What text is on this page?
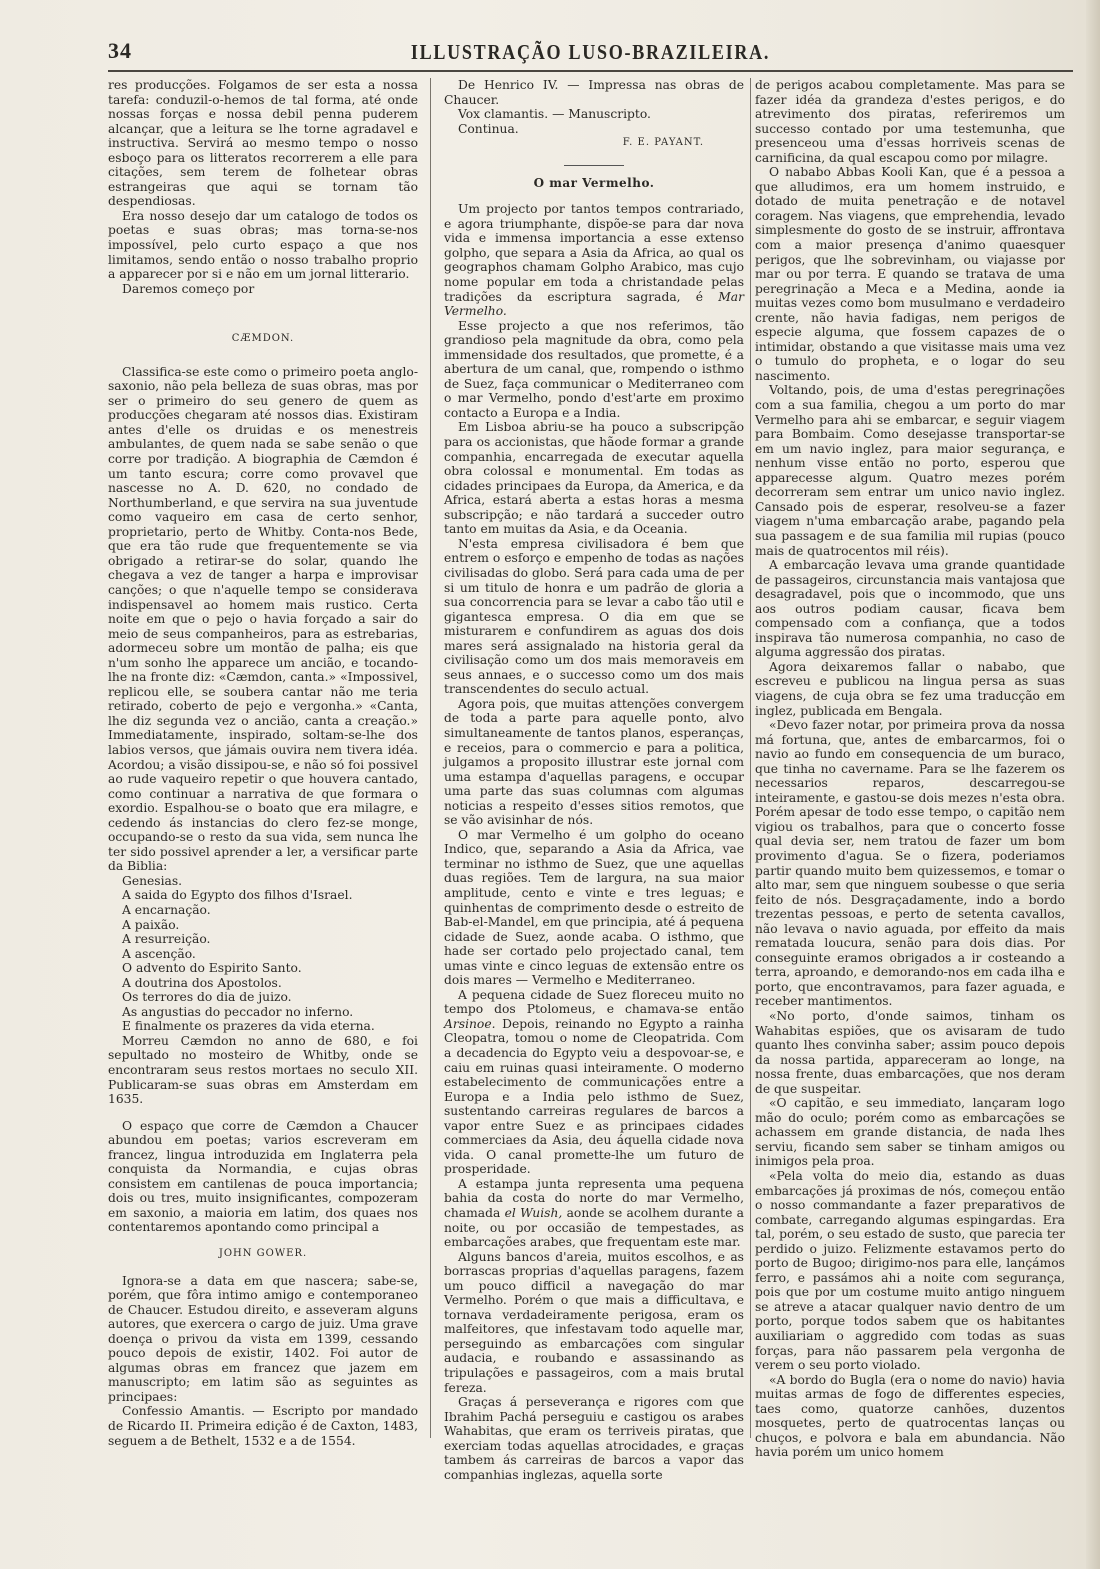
34	ILLUSTRAÇÃO LUSO-BRAZILEIRA.

res producções. Folgamos de ser esta a nossa tarefa: conduzil-o-hemos de tal forma, até onde nossas forças e nossa debil penna puderem alcançar, que a leitura se lhe torne agradavel e instructiva. Servirá ao mesmo tempo o nosso esboço para os litteratos recorrerem a elle para citações, sem terem de folhetear obras estrangeiras que aqui se tornam tão despendiosas.

Era nosso desejo dar um catalogo de todos os poetas e suas obras; mas torna-se-nos impossível, pelo curto espaço a que nos limitamos, sendo então o nosso trabalho proprio a apparecer por si e não em um jornal litterario.

Daremos começo por

CÆMDON.

Classifica-se este como o primeiro poeta anglo-saxonio, não pela belleza de suas obras, mas por ser o primeiro do seu genero de quem as producções chegaram até nossos dias. Existiram antes d'elle os druidas e os menestreis ambulantes, de quem nada se sabe senão o que corre por tradição. A biographia de Cæmdon é um tanto escura; corre como provavel que nascesse no A. D. 620, no condado de Northumberland, e que servira na sua juventude como vaqueiro em casa de certo senhor, proprietario, perto de Whitby. Conta-nos Bede, que era tão rude que frequentemente se via obrigado a retirar-se do solar, quando lhe chegava a vez de tanger a harpa e improvisar canções; o que n'aquelle tempo se considerava indispensavel ao homem mais rustico. Certa noite em que o pejo o havia forçado a sair do meio de seus companheiros, para as estrebarias, adormeceu sobre um montão de palha; eis que n'um sonho lhe apparece um ancião, e tocando-lhe na fronte diz: «Cæmdon, canta.» «Impossivel, replicou elle, se soubera cantar não me teria retirado, coberto de pejo e vergonha.» «Canta, lhe diz segunda vez o ancião, canta a creação.» Immediatamente, inspirado, soltam-se-lhe dos labios versos, que jámais ouvira nem tivera idéa. Acordou; a visão dissipou-se, e não só foi possivel ao rude vaqueiro repetir o que houvera cantado, como continuar a narrativa de que formara o exordio. Espalhou-se o boato que era milagre, e cedendo ás instancias do clero fez-se monge, occupando-se o resto da sua vida, sem nunca lhe ter sido possivel aprender a ler, a versificar parte da Biblia:

Genesias.
A saida do Egypto dos filhos d'Israel.
A encarnação.
A paixão.
A resurreição.
A ascenção.
O advento do Espirito Santo.
A doutrina dos Apostolos.
Os terrores do dia de juizo.
As angustias do peccador no inferno.
E finalmente os prazeres da vida eterna.

Morreu Cæmdon no anno de 680, e foi sepultado no mosteiro de Whitby, onde se encontraram seus restos mortaes no seculo XII. Publicaram-se suas obras em Amsterdam em 1635.

O espaço que corre de Cæmdon a Chaucer abundou em poetas; varios escreveram em francez, lingua introduzida em Inglaterra pela conquista da Normandia, e cujas obras consistem em cantilenas de pouca importancia; dois ou tres, muito insignificantes, compozeram em saxonio, a maioria em latim, dos quaes nos contentaremos apontando como principal a

JOHN GOWER.

Ignora-se a data em que nascera; sabe-se, porém, que fôra intimo amigo e contemporaneo de Chaucer. Estudou direito, e asseveram alguns autores, que exercera o cargo de juiz. Uma grave doença o privou da vista em 1399, cessando pouco depois de existir, 1402. Foi autor de algumas obras em francez que jazem em manuscripto; em latim são as seguintes as principaes:

Confessio Amantis. — Escripto por mandado de Ricardo II. Primeira edição é de Caxton, 1483, seguem a de Bethelt, 1532 e a de 1554.

De Henrico IV. — Impressa nas obras de Chaucer.

Vox clamantis. — Manuscripto.

Continua.

F. E. PAYANT.
O mar Vermelho.

Um projecto por tantos tempos contrariado, e agora triumphante, dispõe-se para dar nova vida e immensa importancia a esse extenso golpho, que separa a Asia da Africa, ao qual os geographos chamam Golpho Arabico, mas cujo nome popular em toda a christandade pelas tradições da escriptura sagrada, é Mar Vermelho.

Esse projecto a que nos referimos, tão grandioso pela magnitude da obra, como pela immensidade dos resultados, que promette, é a abertura de um canal, que, rompendo o isthmo de Suez, faça communicar o Mediterraneo com o mar Vermelho, pondo d'est'arte em proximo contacto a Europa e a India.

Em Lisboa abriu-se ha pouco a subscripção para os accionistas, que hãode formar a grande companhia, encarregada de executar aquella obra colossal e monumental. Em todas as cidades principaes da Europa, da America, e da Africa, estará aberta a estas horas a mesma subscripção; e não tardará a succeder outro tanto em muitas da Asia, e da Oceania.

N'esta empresa civilisadora é bem que entrem o esforço e empenho de todas as nações civilisadas do globo. Será para cada uma de per si um titulo de honra e um padrão de gloria a sua concorrencia para se levar a cabo tão util e gigantesca empresa. O dia em que se misturarem e confundirem as aguas dos dois mares será assignalado na historia geral da civilisação como um dos mais memoraveis em seus annaes, e o successo como um dos mais transcendentes do seculo actual.

Agora pois, que muitas attenções convergem de toda a parte para aquelle ponto, alvo simultaneamente de tantos planos, esperanças, e receios, para o commercio e para a politica, julgamos a proposito illustrar este jornal com uma estampa d'aquellas paragens, e occupar uma parte das suas columnas com algumas noticias a respeito d'esses sitios remotos, que se vão avisinhar de nós.

O mar Vermelho é um golpho do oceano Indico, que, separando a Asia da Africa, vae terminar no isthmo de Suez, que une aquellas duas regiões. Tem de largura, na sua maior amplitude, cento e vinte e tres leguas; e quinhentas de comprimento desde o estreito de Bab-el-Mandel, em que principia, até á pequena cidade de Suez, aonde acaba. O isthmo, que hade ser cortado pelo projectado canal, tem umas vinte e cinco leguas de extensão entre os dois mares — Vermelho e Mediterraneo.

A pequena cidade de Suez floreceu muito no tempo dos Ptolomeus, e chamava-se então Arsinoe. Depois, reinando no Egypto a rainha Cleopatra, tomou o nome de Cleopatrida. Com a decadencia do Egypto veiu a despovoar-se, e caiu em ruinas quasi inteiramente. O moderno estabelecimento de communicações entre a Europa e a India pelo isthmo de Suez, sustentando carreiras regulares de barcos a vapor entre Suez e as principaes cidades commerciaes da Asia, deu áquella cidade nova vida. O canal promette-lhe um futuro de prosperidade.

A estampa junta representa uma pequena bahia da costa do norte do mar Vermelho, chamada el Wuish, aonde se acolhem durante a noite, ou por occasião de tempestades, as embarcações arabes, que frequentam este mar.

Alguns bancos d'areia, muitos escolhos, e as borrascas proprias d'aquellas paragens, fazem um pouco difficil a navegação do mar Vermelho. Porém o que mais a difficultava, e tornava verdadeiramente perigosa, eram os malfeitores, que infestavam todo aquelle mar, perseguindo as embarcações com singular audacia, e roubando e assassinando as tripulações e passageiros, com a mais brutal fereza.

Graças á perseverança e rigores com que Ibrahim Pachá perseguiu e castigou os arabes Wahabitas, que eram os terriveis piratas, que exerciam todas aquellas atrocidades, e graças tambem ás carreiras de barcos a vapor das companhias inglezas, aquella sorte

de perigos acabou completamente. Mas para se fazer idéa da grandeza d'estes perigos, e do atrevimento dos piratas, referiremos um successo contado por uma testemunha, que presenceou uma d'essas horriveis scenas de carnificina, da qual escapou como por milagre.

O nababo Abbas Kooli Kan, que é a pessoa a que alludimos, era um homem instruido, e dotado de muita penetração e de notavel coragem. Nas viagens, que emprehendia, levado simplesmente do gosto de se instruir, affrontava com a maior presença d'animo quaesquer perigos, que lhe sobrevinham, ou viajasse por mar ou por terra. E quando se tratava de uma peregrinação a Meca e a Medina, aonde ia muitas vezes como bom musulmano e verdadeiro crente, não havia fadigas, nem perigos de especie alguma, que fossem capazes de o intimidar, obstando a que visitasse mais uma vez o tumulo do propheta, e o logar do seu nascimento.

Voltando, pois, de uma d'estas peregrinações com a sua familia, chegou a um porto do mar Vermelho para ahi se embarcar, e seguir viagem para Bombaim. Como desejasse transportar-se em um navio inglez, para maior segurança, e nenhum visse então no porto, esperou que apparecesse algum. Quatro mezes porém decorreram sem entrar um unico navio inglez. Cansado pois de esperar, resolveu-se a fazer viagem n'uma embarcação arabe, pagando pela sua passagem e de sua familia mil rupias (pouco mais de quatrocentos mil réis).

A embarcação levava uma grande quantidade de passageiros, circunstancia mais vantajosa que desagradavel, pois que o incommodo, que uns aos outros podiam causar, ficava bem compensado com a confiança, que a todos inspirava tão numerosa companhia, no caso de alguma aggressão dos piratas.

Agora deixaremos fallar o nababo, que escreveu e publicou na lingua persa as suas viagens, de cuja obra se fez uma traducção em inglez, publicada em Bengala.

«Devo fazer notar, por primeira prova da nossa má fortuna, que, antes de embarcarmos, foi o navio ao fundo em consequencia de um buraco, que tinha no cavername. Para se lhe fazerem os necessarios reparos, descarregou-se inteiramente, e gastou-se dois mezes n'esta obra. Porém apesar de todo esse tempo, o capitão nem vigiou os trabalhos, para que o concerto fosse qual devia ser, nem tratou de fazer um bom provimento d'agua. Se o fizera, poderiamos partir quando muito bem quizessemos, e tomar o alto mar, sem que ninguem soubesse o que seria feito de nós. Desgraçadamente, indo a bordo trezentas pessoas, e perto de setenta cavallos, não levava o navio aguada, por effeito da mais rematada loucura, senão para dois dias. Por conseguinte eramos obrigados a ir costeando a terra, aproando, e demorando-nos em cada ilha e porto, que encontravamos, para fazer aguada, e receber mantimentos.

«No porto, d'onde saimos, tinham os Wahabitas espiões, que os avisaram de tudo quanto lhes convinha saber; assim pouco depois da nossa partida, appareceram ao longe, na nossa frente, duas embarcações, que nos deram de que suspeitar.

«O capitão, e seu immediato, lançaram logo mão do oculo; porém como as embarcações se achassem em grande distancia, de nada lhes serviu, ficando sem saber se tinham amigos ou inimigos pela proa.

«Pela volta do meio dia, estando as duas embarcações já proximas de nós, começou então o nosso commandante a fazer preparativos de combate, carregando algumas espingardas. Era tal, porém, o seu estado de susto, que parecia ter perdido o juizo. Felizmente estavamos perto do porto de Bugoo; dirigimo-nos para elle, lançámos ferro, e passámos ahi a noite com segurança, pois que por um costume muito antigo ninguem se atreve a atacar qualquer navio dentro de um porto, porque todos sabem que os habitantes auxiliariam o aggredido com todas as suas forças, para não passarem pela vergonha de verem o seu porto violado.

«A bordo do Bugla (era o nome do navio) havia muitas armas de fogo de differentes especies, taes como, quatorze canhões, duzentos mosquetes, perto de quatrocentas lanças ou chuços, e polvora e bala em abundancia. Não havia porém um unico homem
